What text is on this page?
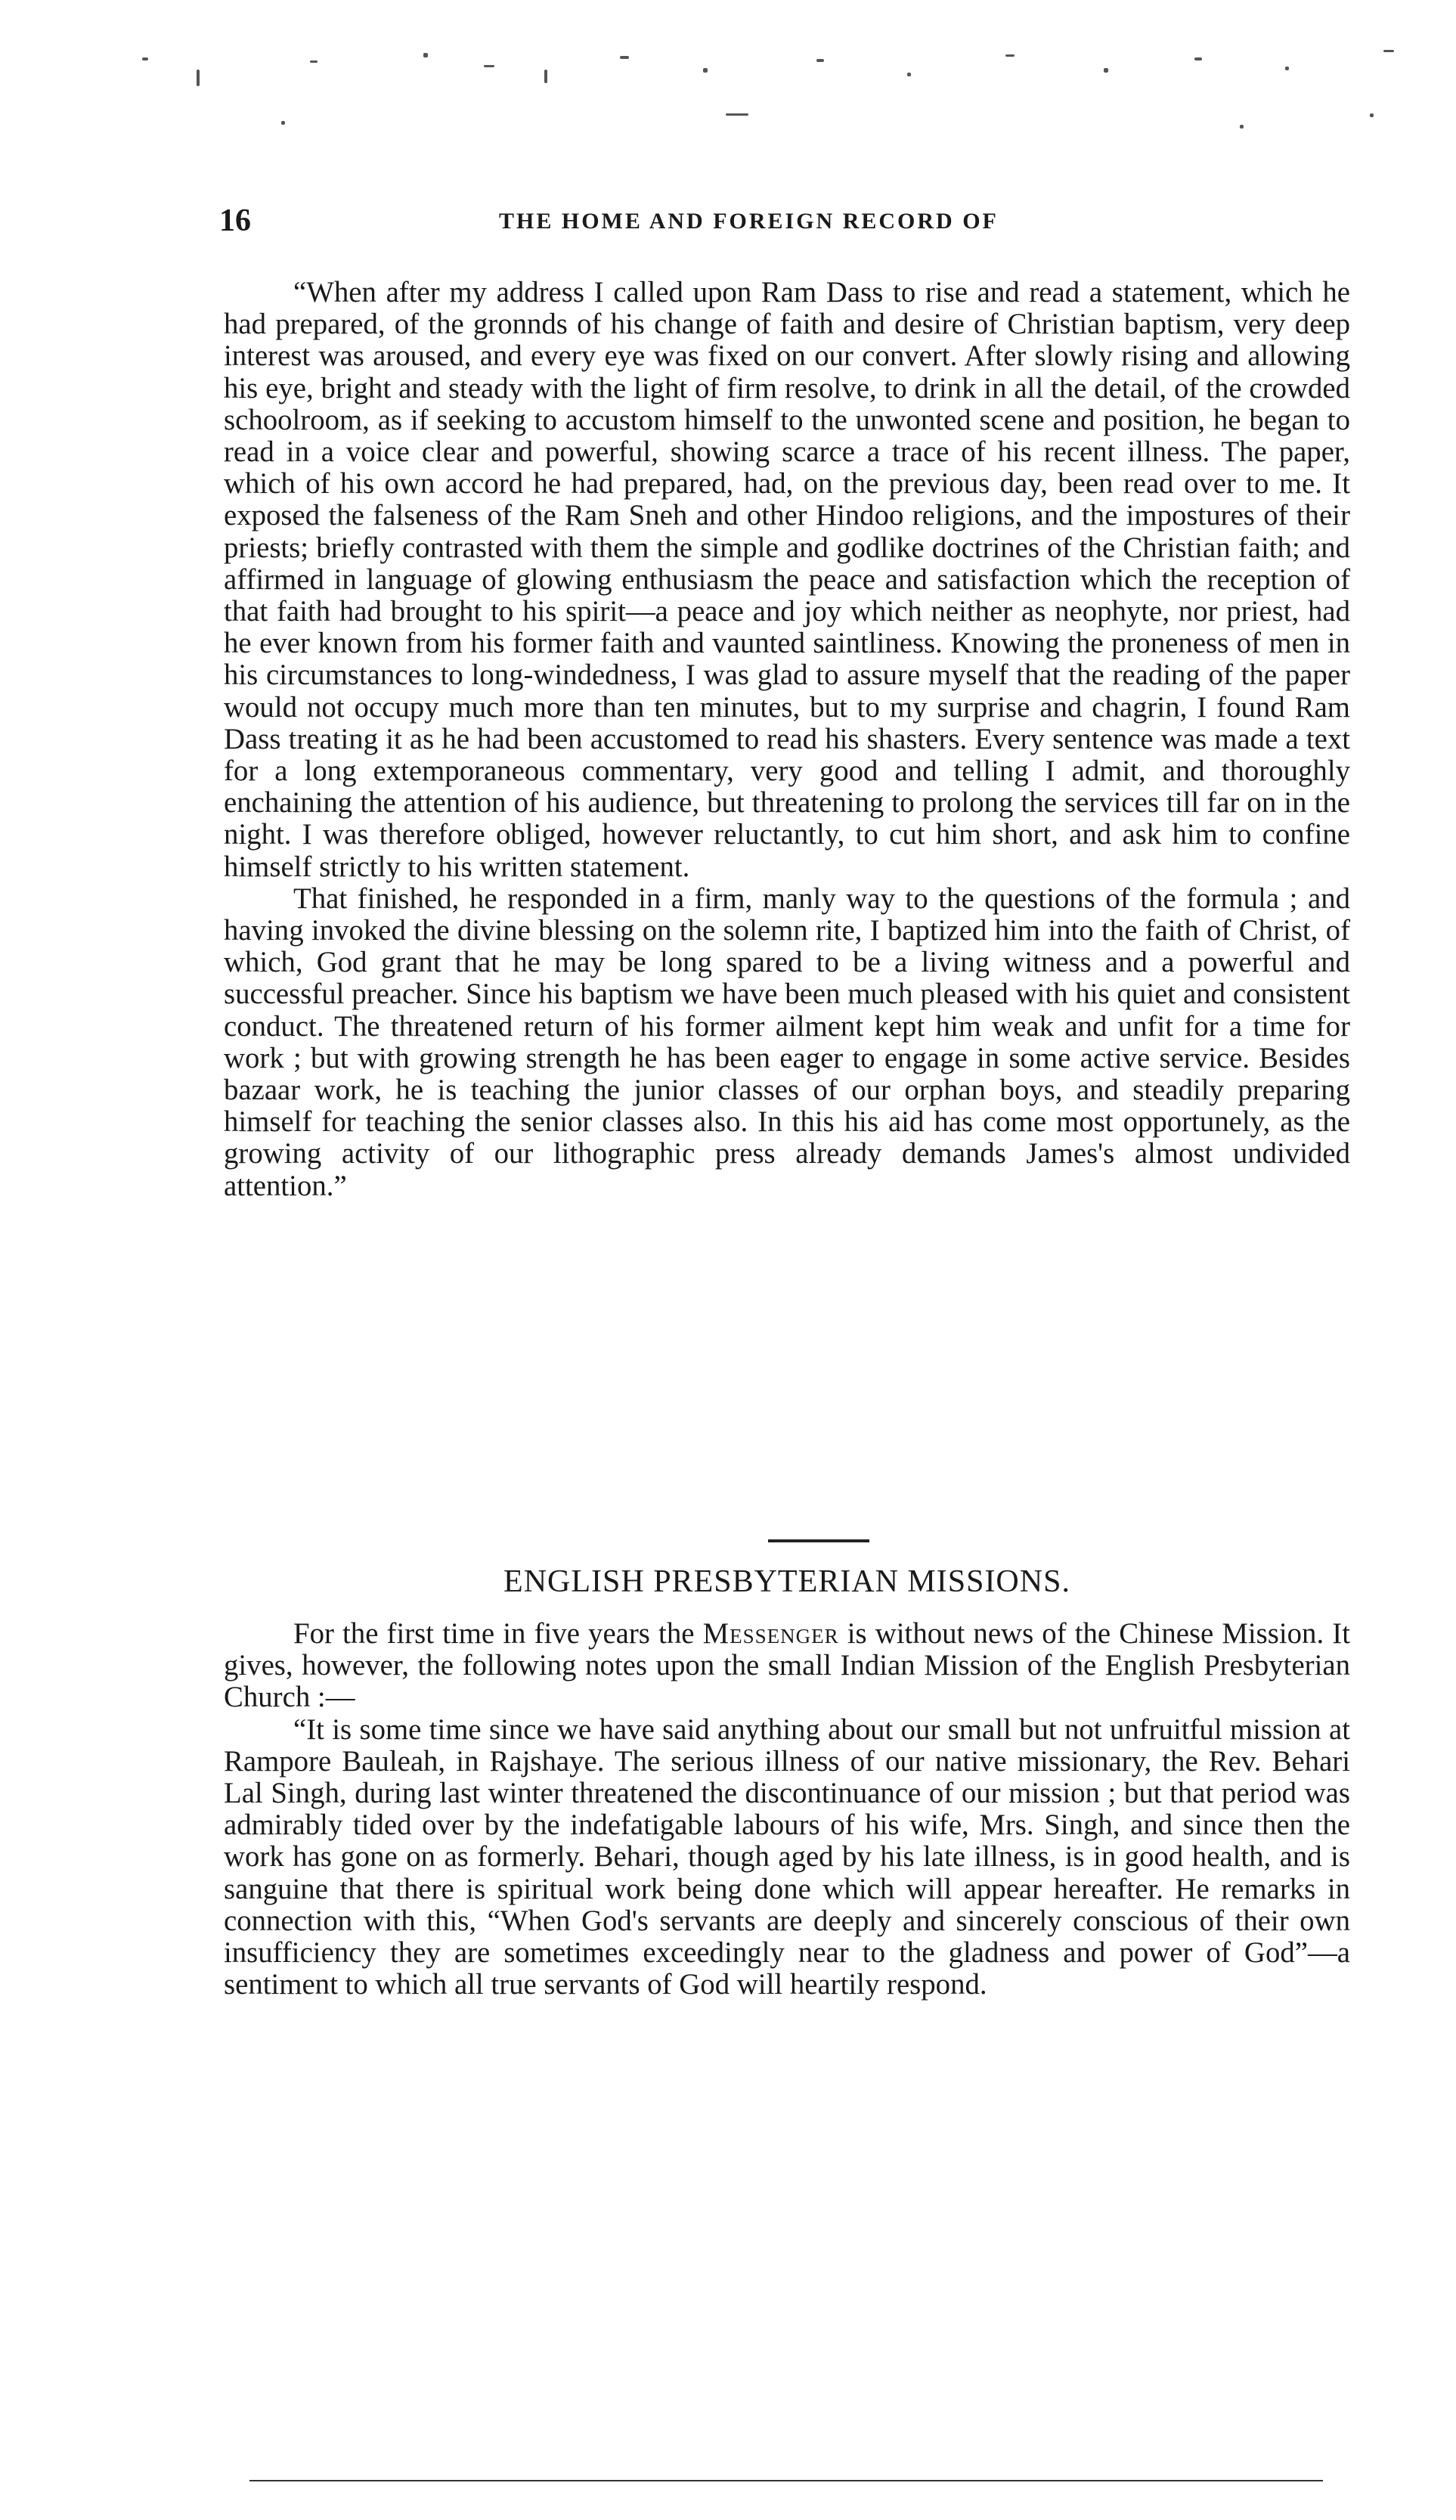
16	THE HOME AND FOREIGN RECORD OF

“When after my address I called upon Ram Dass to rise and read a statement, which he had prepared, of the gronnds of his change of faith and desire of Christian baptism, very deep interest was aroused, and every eye was fixed on our convert. After slowly rising and allowing his eye, bright and steady with the light of firm resolve, to drink in all the detail, of the crowded schoolroom, as if seeking to accustom himself to the unwonted scene and position, he began to read in a voice clear and powerful, showing scarce a trace of his recent illness. The paper, which of his own accord he had prepared, had, on the previous day, been read over to me. It exposed the falseness of the Ram Sneh and other Hindoo religions, and the impostures of their priests; briefly contrasted with them the simple and godlike doctrines of the Christian faith; and affirmed in language of glowing enthusiasm the peace and satisfaction which the reception of that faith had brought to his spirit—a peace and joy which neither as neophyte, nor priest, had he ever known from his former faith and vaunted saintliness. Knowing the proneness of men in his circumstances to long-windedness, I was glad to assure myself that the reading of the paper would not occupy much more than ten minutes, but to my surprise and chagrin, I found Ram Dass treating it as he had been accustomed to read his shasters. Every sentence was made a text for a long extemporaneous commentary, very good and telling I admit, and thoroughly enchaining the attention of his audience, but threatening to prolong the services till far on in the night. I was therefore obliged, however reluctantly, to cut him short, and ask him to confine himself strictly to his written statement.

That finished, he responded in a firm, manly way to the questions of the formula ; and having invoked the divine blessing on the solemn rite, I baptized him into the faith of Christ, of which, God grant that he may be long spared to be a living witness and a powerful and successful preacher. Since his baptism we have been much pleased with his quiet and consistent conduct. The threatened return of his former ailment kept him weak and unfit for a time for work ; but with growing strength he has been eager to engage in some active service. Besides bazaar work, he is teaching the junior classes of our orphan boys, and steadily preparing himself for teaching the senior classes also. In this his aid has come most opportunely, as the growing activity of our lithographic press already demands James's almost undivided attention.”

ENGLISH PRESBYTERIAN MISSIONS.

For the first time in five years the Messenger is without news of the Chinese Mission. It gives, however, the following notes upon the small Indian Mission of the English Presbyterian Church :—

“It is some time since we have said anything about our small but not unfruitful mission at Rampore Bauleah, in Rajshaye. The serious illness of our native missionary, the Rev. Behari Lal Singh, during last winter threatened the discontinuance of our mission ; but that period was admirably tided over by the indefatigable labours of his wife, Mrs. Singh, and since then the work has gone on as formerly. Behari, though aged by his late illness, is in good health, and is sanguine that there is spiritual work being done which will appear hereafter. He remarks in connection with this, “When God's servants are deeply and sincerely conscious of their own insufficiency they are sometimes exceedingly near to the gladness and power of God”—a sentiment to which all true servants of God will heartily respond.
